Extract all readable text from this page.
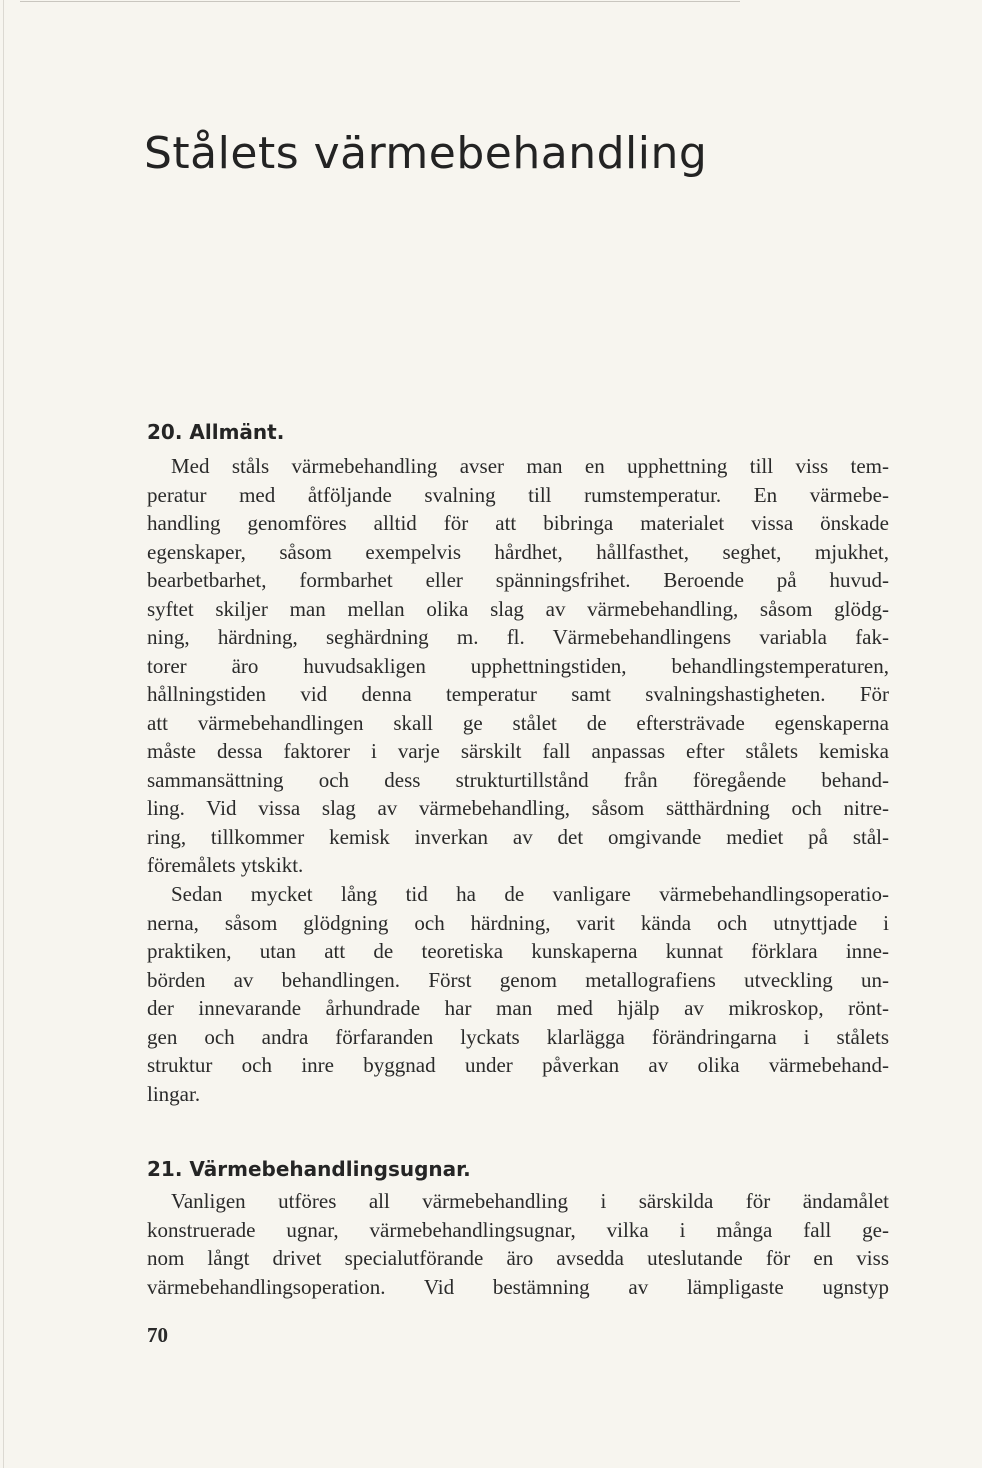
Stålets värmebehandling
20. Allmänt.
Med ståls värmebehandling avser man en upphettning till viss tem-
peratur med åtföljande svalning till rumstemperatur. En värmebe-
handling genomföres alltid för att bibringa materialet vissa önskade
egenskaper, såsom exempelvis hårdhet, hållfasthet, seghet, mjukhet,
bearbetbarhet, formbarhet eller spänningsfrihet. Beroende på huvud-
syftet skiljer man mellan olika slag av värmebehandling, såsom glödg-
ning, härdning, seghärdning m. fl. Värmebehandlingens variabla fak-
torer äro huvudsakligen upphettningstiden, behandlingstemperaturen,
hållningstiden vid denna temperatur samt svalningshastigheten. För
att värmebehandlingen skall ge stålet de eftersträvade egenskaperna
måste dessa faktorer i varje särskilt fall anpassas efter stålets kemiska
sammansättning och dess strukturtillstånd från föregående behand-
ling. Vid vissa slag av värmebehandling, såsom sätthärdning och nitre-
ring, tillkommer kemisk inverkan av det omgivande mediet på stål-
föremålets ytskikt.
Sedan mycket lång tid ha de vanligare värmebehandlingsoperatio-
nerna, såsom glödgning och härdning, varit kända och utnyttjade i
praktiken, utan att de teoretiska kunskaperna kunnat förklara inne-
börden av behandlingen. Först genom metallografiens utveckling un-
der innevarande århundrade har man med hjälp av mikroskop, rönt-
gen och andra förfaranden lyckats klarlägga förändringarna i stålets
struktur och inre byggnad under påverkan av olika värmebehand-
lingar.
21. Värmebehandlingsugnar.
Vanligen utföres all värmebehandling i särskilda för ändamålet
konstruerade ugnar, värmebehandlingsugnar, vilka i många fall ge-
nom långt drivet specialutförande äro avsedda uteslutande för en viss
värmebehandlingsoperation. Vid bestämning av lämpligaste ugnstyp

70
